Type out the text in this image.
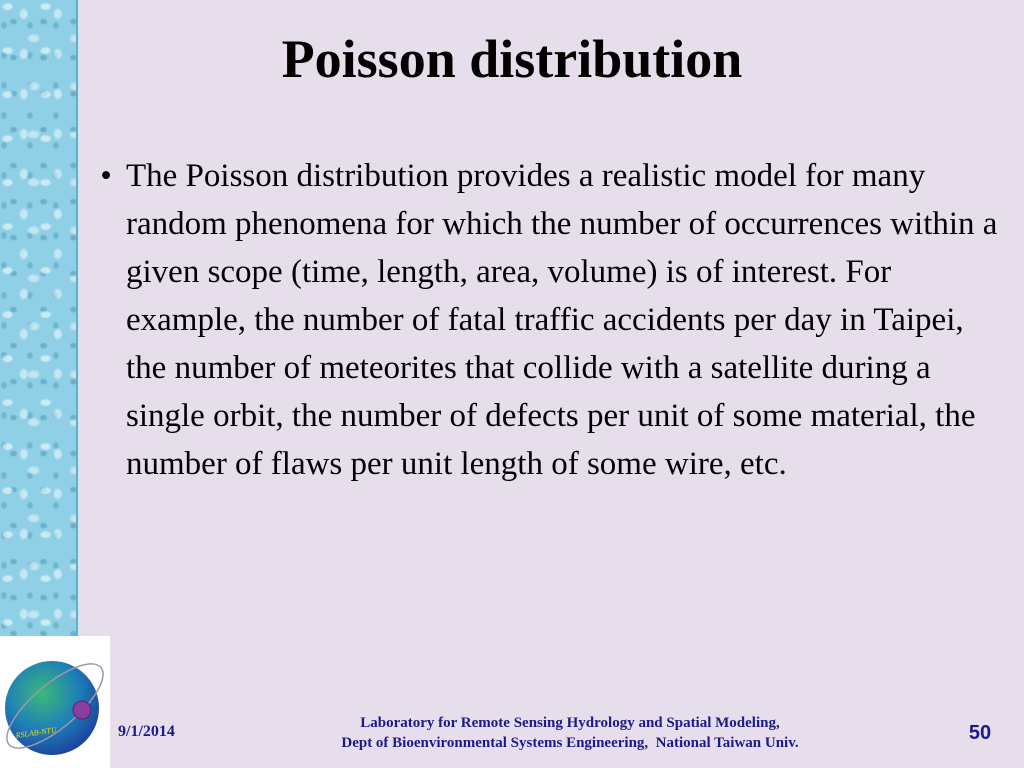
RSLAB-NTU
Poisson distribution
• The Poisson distribution provides a realistic model for many random phenomena for which the number of occurrences within a given scope (time, length, area, volume) is of interest. For example, the number of fatal traffic accidents per day in Taipei, the number of meteorites that collide with a satellite during a single orbit, the number of defects per unit of some material, the number of flaws per unit length of some wire, etc.
9/1/2014	Laboratory for Remote Sensing Hydrology and Spatial Modeling,
Dept of Bioenvironmental Systems Engineering,  National Taiwan Univ.	50
